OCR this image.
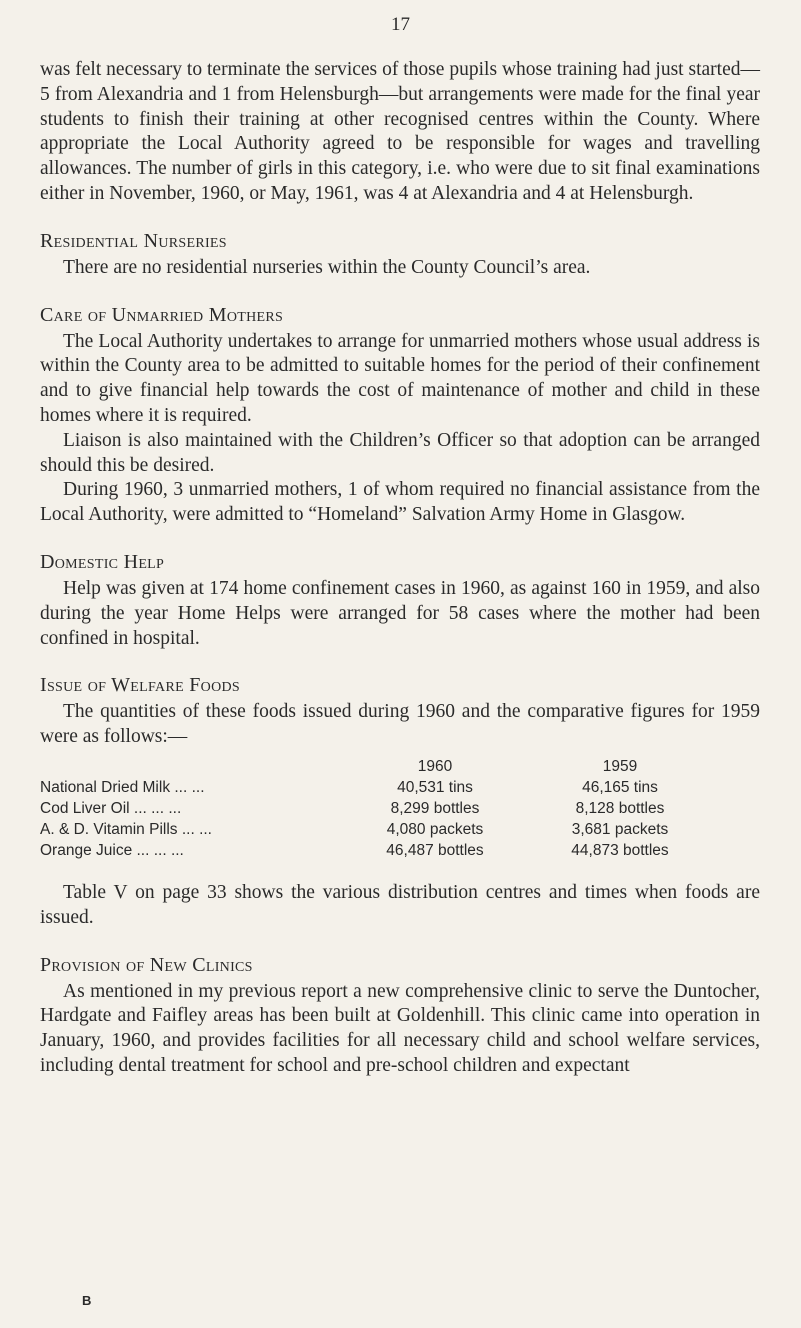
17

was felt necessary to terminate the services of those pupils whose training had just started—5 from Alexandria and 1 from Helensburgh—but arrangements were made for the final year students to finish their training at other recognised centres within the County. Where appropriate the Local Authority agreed to be responsible for wages and travelling allowances. The number of girls in this category, i.e. who were due to sit final examinations either in November, 1960, or May, 1961, was 4 at Alexandria and 4 at Helensburgh.

Residential Nurseries

There are no residential nurseries within the County Council’s area.

Care of Unmarried Mothers

The Local Authority undertakes to arrange for unmarried mothers whose usual address is within the County area to be admitted to suitable homes for the period of their confinement and to give financial help towards the cost of maintenance of mother and child in these homes where it is required.

Liaison is also maintained with the Children’s Officer so that adoption can be arranged should this be desired.

During 1960, 3 unmarried mothers, 1 of whom required no financial assistance from the Local Authority, were admitted to “Homeland” Salvation Army Home in Glasgow.

Domestic Help

Help was given at 174 home confinement cases in 1960, as against 160 in 1959, and also during the year Home Helps were arranged for 58 cases where the mother had been confined in hospital.

Issue of Welfare Foods

The quantities of these foods issued during 1960 and the comparative figures for 1959 were as follows:—

	1960	1959
National Dried Milk ... ...	40,531 tins	46,165 tins
Cod Liver Oil ... ... ...	8,299 bottles	8,128 bottles
A. & D. Vitamin Pills ... ...	4,080 packets	3,681 packets
Orange Juice ... ... ...	46,487 bottles	44,873 bottles

Table V on page 33 shows the various distribution centres and times when foods are issued.

Provision of New Clinics

As mentioned in my previous report a new comprehensive clinic to serve the Duntocher, Hardgate and Faifley areas has been built at Goldenhill. This clinic came into operation in January, 1960, and provides facilities for all necessary child and school welfare services, including dental treatment for school and pre-school children and expectant

B
